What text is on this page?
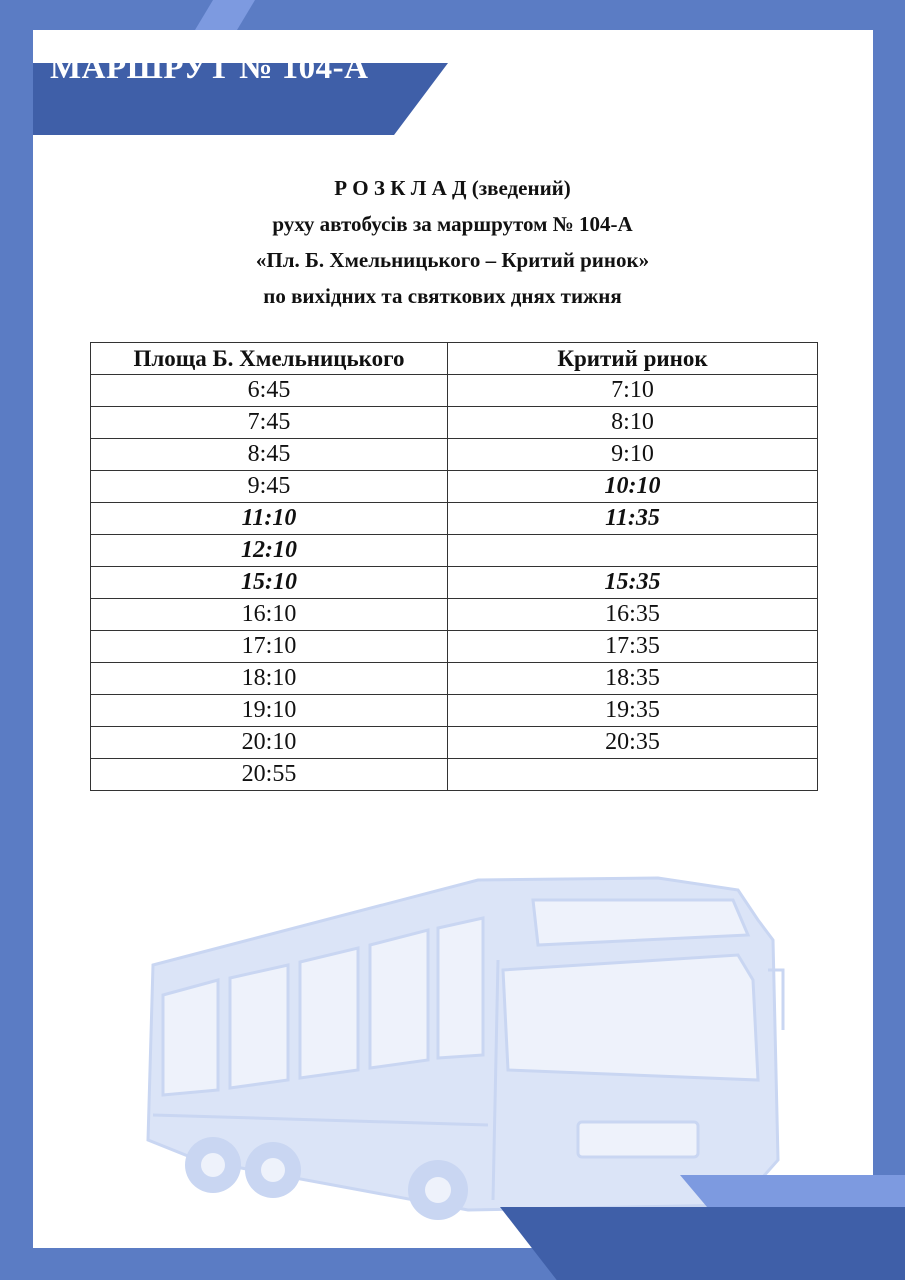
МАРШРУТ № 104-А
Р О З К Л А Д (зведений)
руху автобусів за маршрутом № 104-А
«Пл. Б. Хмельницького – Критий ринок»
по вихідних та святкових днях тижня
Площа Б. Хмельницького	Критий ринок
6:45	7:10
7:45	8:10
8:45	9:10
9:45	10:10
11:10	11:35
12:10	
15:10	15:35
16:10	16:35
17:10	17:35
18:10	18:35
19:10	19:35
20:10	20:35
20:55	
